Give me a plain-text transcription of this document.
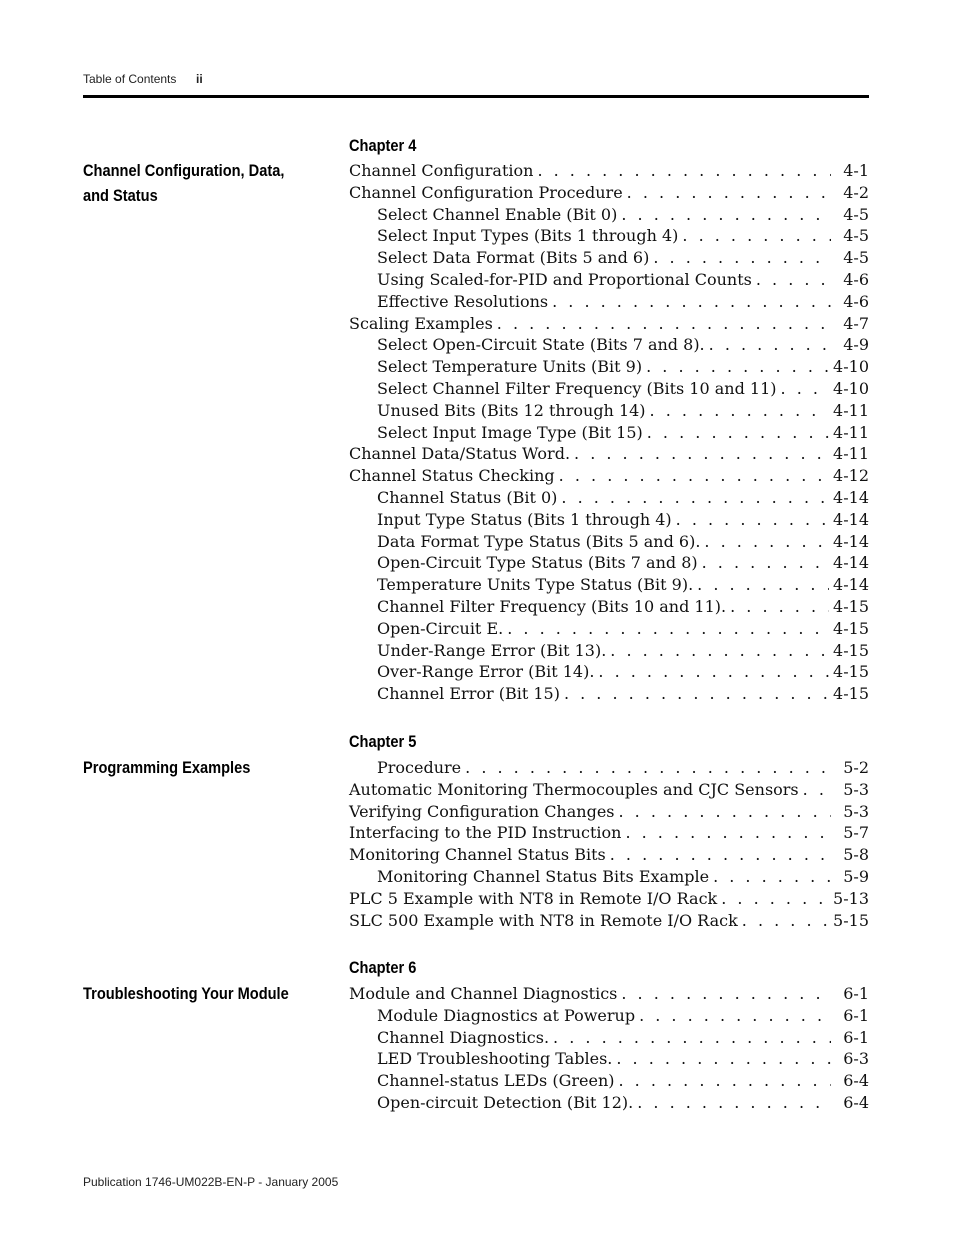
Table of Contents ii
Chapter 4
Channel Configuration, Data, and Status
Channel Configuration . . .	4-1
Channel Configuration Procedure . . .	4-2
Select Channel Enable (Bit 0) . . .	4-5
Select Input Types (Bits 1 through 4) . . .	4-5
Select Data Format (Bits 5 and 6) . . .	4-5
Using Scaled-for-PID and Proportional Counts . . .	4-6
Effective Resolutions . . .	4-6
Scaling Examples . . .	4-7
Select Open-Circuit State (Bits 7 and 8). . . .	4-9
Select Temperature Units (Bit 9) . . .	4-10
Select Channel Filter Frequency (Bits 10 and 11) . . .	4-10
Unused Bits (Bits 12 through 14) . . .	4-11
Select Input Image Type (Bit 15) . . .	4-11
Channel Data/Status Word. . . .	4-11
Channel Status Checking . . .	4-12
Channel Status (Bit 0) . . .	4-14
Input Type Status (Bits 1 through 4) . . .	4-14
Data Format Type Status (Bits 5 and 6). . . .	4-14
Open-Circuit Type Status (Bits 7 and 8) . . .	4-14
Temperature Units Type Status (Bit 9). . . .	4-14
Channel Filter Frequency (Bits 10 and 11). . . .	4-15
Open-Circuit E. . . .	4-15
Under-Range Error (Bit 13). . . .	4-15
Over-Range Error (Bit 14). . . .	4-15
Channel Error (Bit 15) . . .	4-15
Chapter 5
Programming Examples	Procedure . . .	5-2
Automatic Monitoring Thermocouples and CJC Sensors . . .	5-3
Verifying Configuration Changes . . .	5-3
Interfacing to the PID Instruction . . .	5-7
Monitoring Channel Status Bits . . .	5-8
Monitoring Channel Status Bits Example . . .	5-9
PLC 5 Example with NT8 in Remote I/O Rack . . .	5-13
SLC 500 Example with NT8 in Remote I/O Rack . . .	5-15
Chapter 6
Troubleshooting Your Module	Module and Channel Diagnostics . . .	6-1
Module Diagnostics at Powerup . . .	6-1
Channel Diagnostics. . . .	6-1
LED Troubleshooting Tables. . . .	6-3
Channel-status LEDs (Green) . . .	6-4
Open-circuit Detection (Bit 12). . . .	6-4
Publication 1746-UM022B-EN-P - January 2005
